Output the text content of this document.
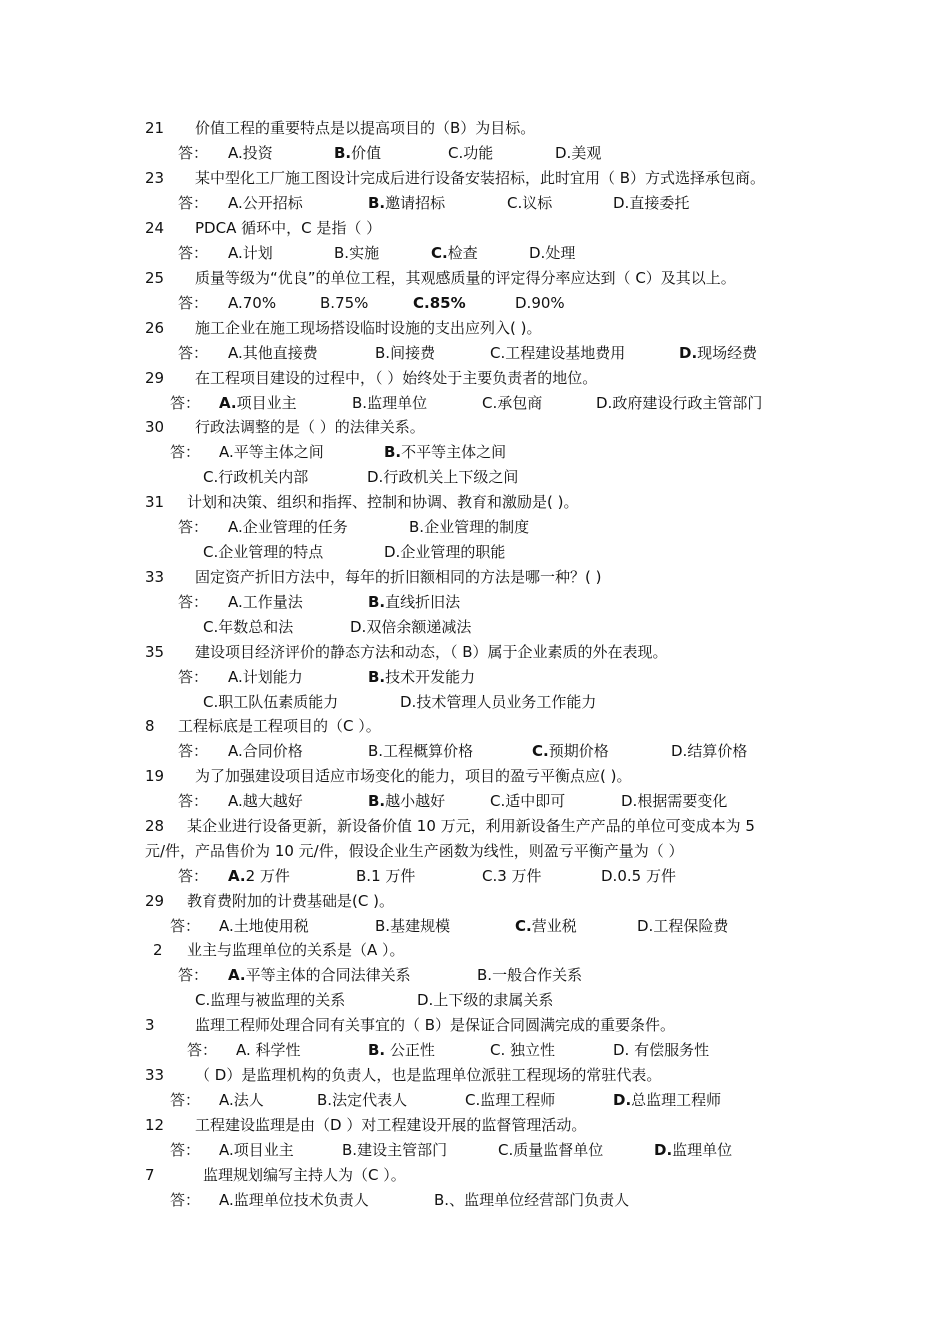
21 价值工程的重要特点是以提高项目的（B）为目标。
答： A.投资	B.价值	C.功能	D.美观
23 某中型化工厂施工图设计完成后进行设备安装招标，此时宜用（ B）方式选择承包商。
答： A.公开招标	B.邀请招标	C.议标	D.直接委托
24 PDCA 循环中，C 是指（ ）
答： A.计划	B.实施	C.检查	D.处理
25 质量等级为“优良”的单位工程，其观感质量的评定得分率应达到（ C）及其以上。
答： A.70%	B.75%	C.85%	D.90%
26 施工企业在施工现场搭设临时设施的支出应列入( )。
答： A.其他直接费	B.间接费	C.工程建设基地费用	D.现场经费
29 在工程项目建设的过程中，（ ）始终处于主要负责者的地位。
答： A.项目业主	B.监理单位	C.承包商	D.政府建设行政主管部门
30 行政法调整的是（ ）的法律关系。
答： A.平等主体之间	B.不平等主体之间
C.行政机关内部	D.行政机关上下级之间
31 计划和决策、组织和指挥、控制和协调、教育和激励是( )。
答： A.企业管理的任务	B.企业管理的制度
C.企业管理的特点	D.企业管理的职能
33 固定资产折旧方法中，每年的折旧额相同的方法是哪一种？( )
答： A.工作量法	B.直线折旧法
C.年数总和法	D.双倍余额递减法
35 建设项目经济评价的静态方法和动态，（ B）属于企业素质的外在表现。
答： A.计划能力	B.技术开发能力
C.职工队伍素质能力	D.技术管理人员业务工作能力
8 工程标底是工程项目的（C ）。
答： A.合同价格	B.工程概算价格	C.预期价格	D.结算价格
19 为了加强建设项目适应市场变化的能力，项目的盈亏平衡点应( )。
答： A.越大越好	B.越小越好	C.适中即可	D.根据需要变化
28 某企业进行设备更新，新设备价值 10 万元，利用新设备生产产品的单位可变成本为 5
元/件，产品售价为 10 元/件，假设企业生产函数为线性，则盈亏平衡产量为（ ）
答： A.2 万件	B.1 万件	C.3 万件	D.0.5 万件
29 教育费附加的计费基础是(C )。
答： A.土地使用税	B.基建规模	C.营业税	D.工程保险费
2 业主与监理单位的关系是（A ）。
答： A.平等主体的合同法律关系	B.一般合作关系
C.监理与被监理的关系	D.上下级的隶属关系
3	监理工程师处理合同有关事宜的（ B）是保证合同圆满完成的重要条件。
答： A. 科学性	B. 公正性	C. 独立性	D. 有偿服务性
33 （ D）是监理机构的负责人，也是监理单位派驻工程现场的常驻代表。
答： A.法人	B.法定代表人	C.监理工程师	D.总监理工程师
12 工程建设监理是由（D ）对工程建设开展的监督管理活动。
答： A.项目业主	B.建设主管部门	C.质量监督单位	D.监理单位
7	监理规划编写主持人为（C ）。
答： A.监理单位技术负责人	B.、监理单位经营部门负责人
